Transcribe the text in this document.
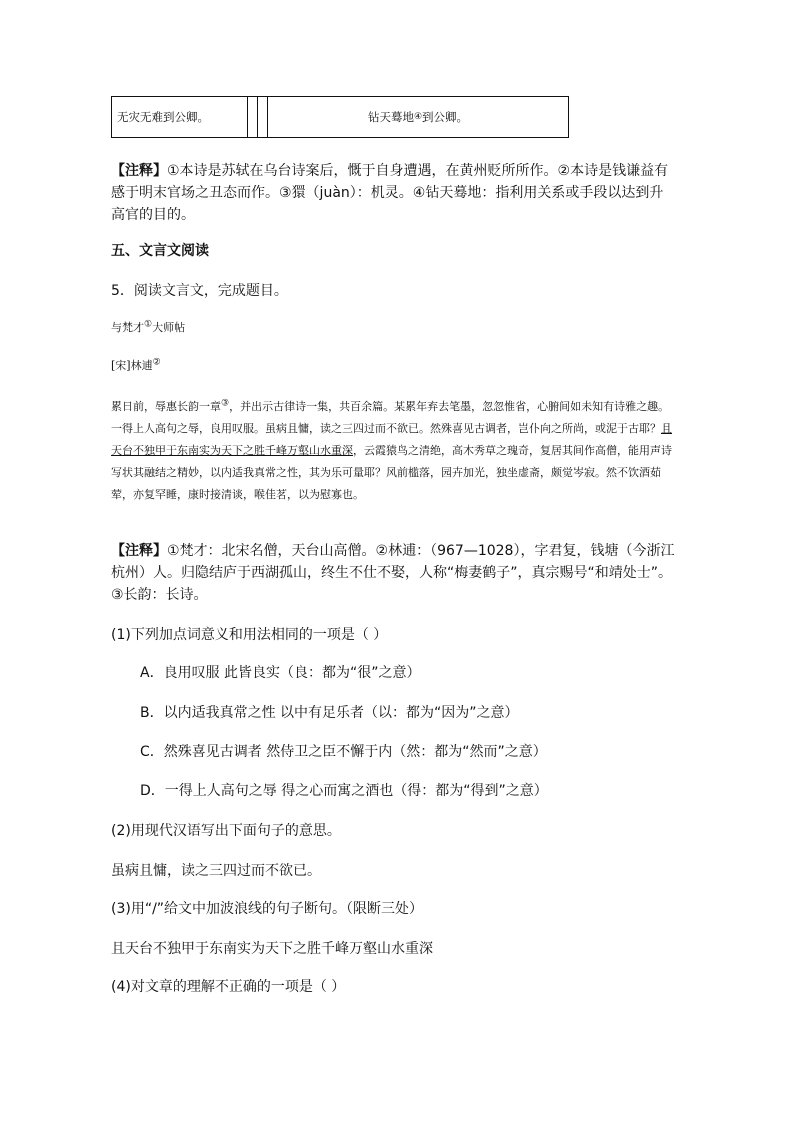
无灾无难到公卿。	钻天蓦地 ④ 到公卿。

【注释】①本诗是苏轼在乌台诗案后，慨于自身遭遇，在黄州贬所所作。②本诗是钱谦益有感于明末官场之丑态而作。③獧（juàn）：机灵。④钻天蓦地：指利用关系或手段以达到升高官的目的。

五、文言文阅读

5．阅读文言文，完成题目。

与梵才①大师帖

[宋]林逋②

累日前，辱惠长韵一章③，并出示古律诗一集，共百余篇。某累年弃去笔墨，忽忽惟省，心腑间如未知有诗雅之趣。一得上人高句之辱，良用叹服。虽病且慵，读之三四过而不欲已。然殊喜见古调者，岂仆向之所尚，或泥于古耶？且天台不独甲于东南实为天下之胜千峰万壑山水重深，云霞猿鸟之清绝，高木秀草之瑰奇，复居其间作高僧，能用声诗写状其融结之精妙，以内适我真常之性，其为乐可量耶？风前槛落，园卉加光，独坐虚斋，颇觉岑寂。然不饮酒茹荤，亦复罕睡，康时接清谈，喉佳茗，以为慰寡也。

【注释】①梵才：北宋名僧，天台山高僧。②林逋：（967—1028），字君复，钱塘（今浙江杭州）人。归隐结庐于西湖孤山，终生不仕不娶，人称“梅妻鹤子”，真宗赐号“和靖处士”。③长韵：长诗。

(1)下列加点词意义和用法相同的一项是（ ）

A．良用叹服 此皆良实（良：都为“很”之意）

B．以内适我真常之性 以中有足乐者（以：都为“因为”之意）

C．然殊喜见古调者 然侍卫之臣不懈于内（然：都为“然而”之意）

D．一得上人高句之辱 得之心而寓之酒也（得：都为“得到”之意）

(2)用现代汉语写出下面句子的意思。

虽病且慵，读之三四过而不欲已。

(3)用“/”给文中加波浪线的句子断句。（限断三处）

且天台不独甲于东南实为天下之胜千峰万壑山水重深

(4)对文章的理解不正确的一项是（ ）
